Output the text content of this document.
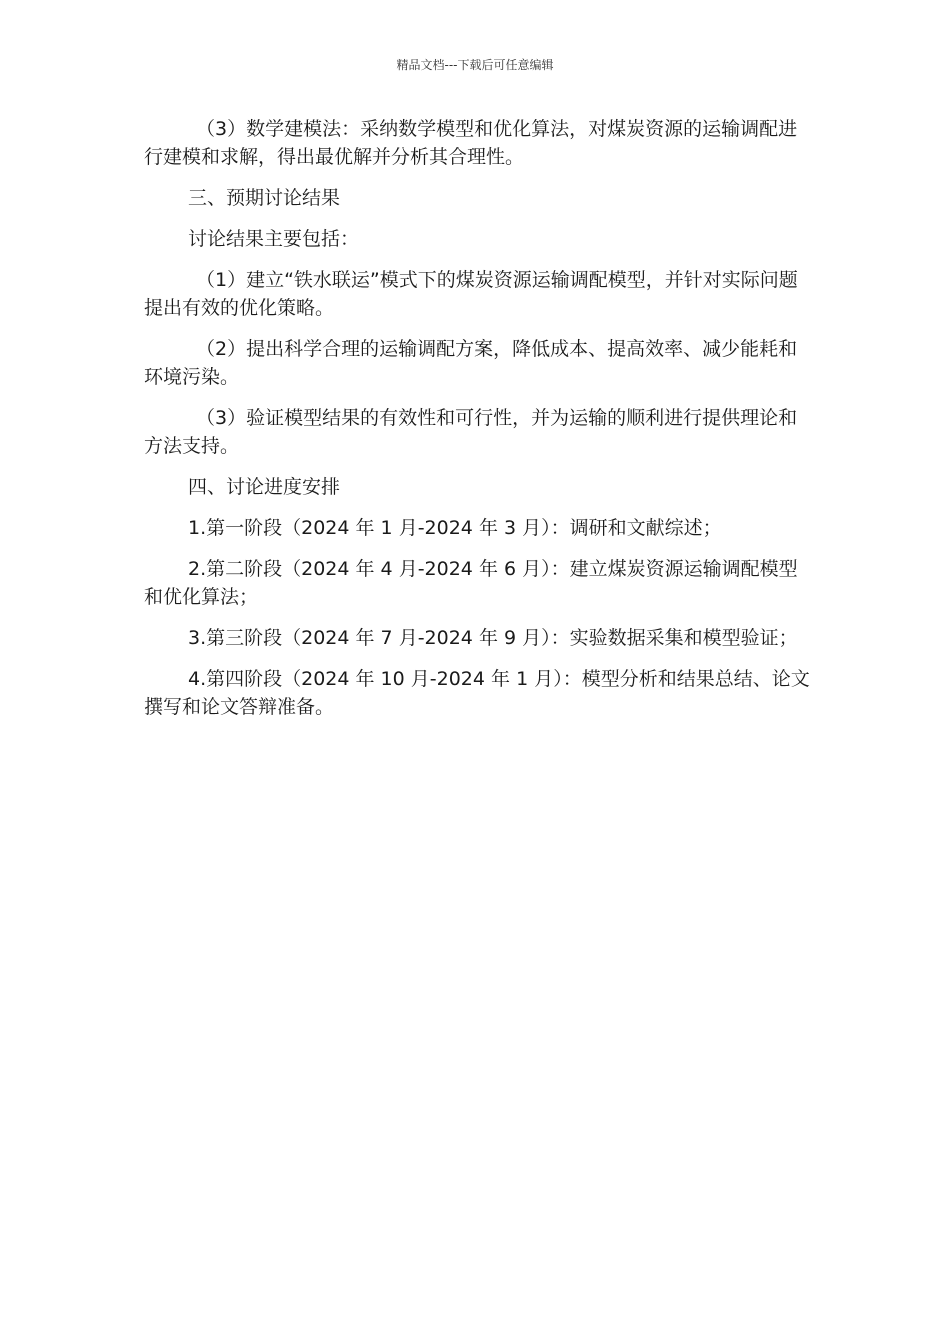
精品文档---下载后可任意编辑

（3）数学建模法：采纳数学模型和优化算法，对煤炭资源的运输调配进行建模和求解，得出最优解并分析其合理性。

三、预期讨论结果

讨论结果主要包括：

（1）建立“铁水联运”模式下的煤炭资源运输调配模型，并针对实际问题提出有效的优化策略。

（2）提出科学合理的运输调配方案，降低成本、提高效率、减少能耗和环境污染。

（3）验证模型结果的有效性和可行性，并为运输的顺利进行提供理论和方法支持。

四、讨论进度安排

1.第一阶段（2024 年 1 月-2024 年 3 月）：调研和文献综述；

2.第二阶段（2024 年 4 月-2024 年 6 月）：建立煤炭资源运输调配模型和优化算法；

3.第三阶段（2024 年 7 月-2024 年 9 月）：实验数据采集和模型验证；

4.第四阶段（2024 年 10 月-2024 年 1 月）：模型分析和结果总结、论文撰写和论文答辩准备。
